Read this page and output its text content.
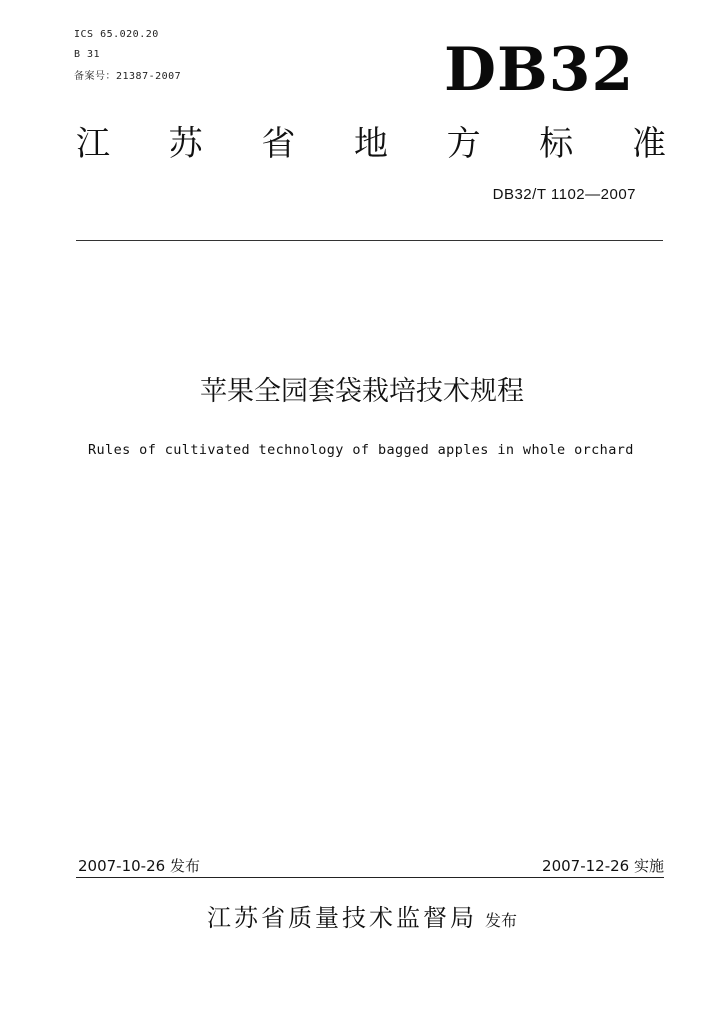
ICS 65.020.20
B 31
备案号：21387-2007	DB32
江 苏 省 地 方 标 准
DB32/T 1102—2007
苹果全园套袋栽培技术规程
Rules of cultivated technology of bagged apples in whole orchard
2007-10-26 发布	2007-12-26 实施
江苏省质量技术监督局 发布
